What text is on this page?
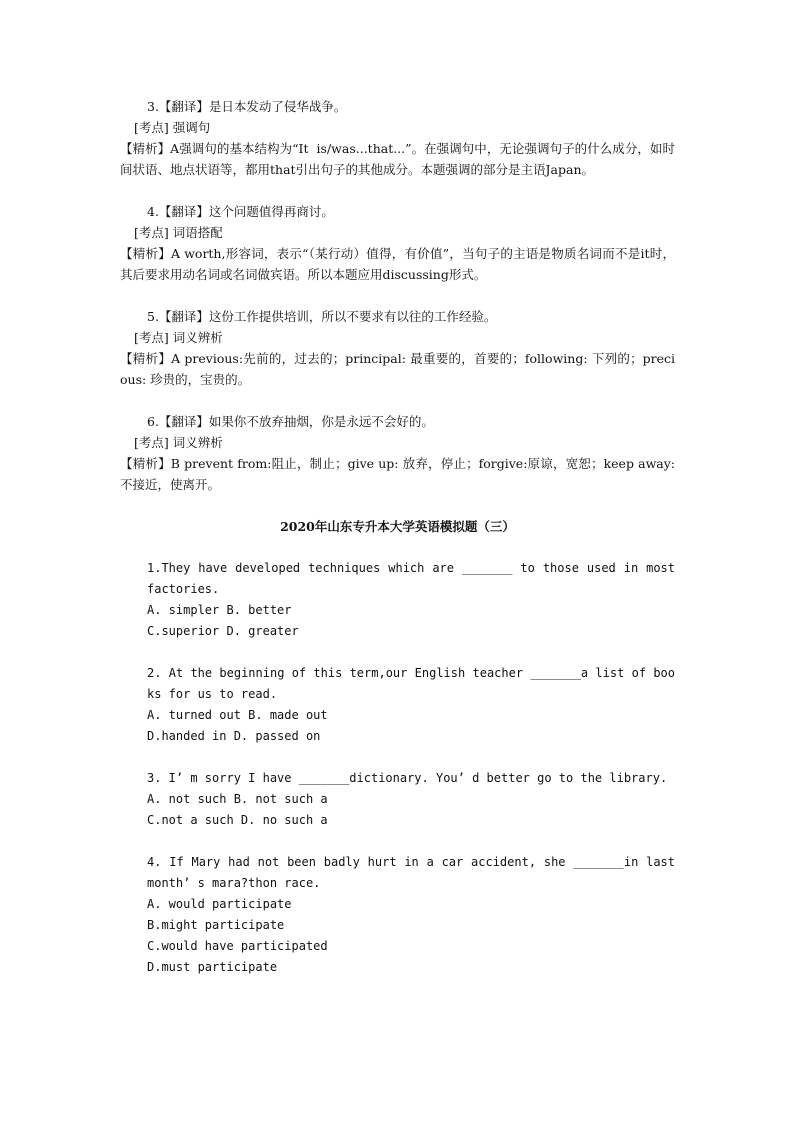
3.【翻译】是日本发动了侵华战争。
[考点] 强调句
【精析】A强调句的基本结构为“It  is/was...that...”。在强调句中，无论强调句子的什么成分，如时间状语、地点状语等，都用that引出句子的其他成分。本题强调的部分是主语Japan。
4.【翻译】这个问题值得再商讨。
[考点] 词语搭配
【精析】A worth,形容词，表示“（某行动）值得，有价值”，当句子的主语是物质名词而不是it时，其后要求用动名词或名词做宾语。所以本题应用discussing形式。
5.【翻译】这份工作提供培训，所以不要求有以往的工作经验。
[考点] 词义辨析
【精析】A previous:先前的，过去的；principal: 最重要的，首要的；following: 下列的；precious: 珍贵的，宝贵的。
6.【翻译】如果你不放弃抽烟，你是永远不会好的。
[考点] 词义辨析
【精析】B prevent from:阻止，制止；give up: 放弃，停止；forgive:原谅，宽恕；keep away: 不接近，使离开。
2020年山东专升本大学英语模拟题（三）
1.They have developed techniques which are _______ to those used in most factories.
A. simpler B. better
C.superior D. greater
2. At the beginning of this term,our English teacher _______a list of books for us to read.
A. turned out B. made out
D.handed in D. passed on
3. I’ m sorry I have _______dictionary. You’ d better go to the library.
A. not such B. not such a
C.not a such D. no such a
4. If Mary had not been badly hurt in a car accident, she _______in last month’ s mara?thon race.
A. would participate
B.might participate
C.would have participated
D.must participate
